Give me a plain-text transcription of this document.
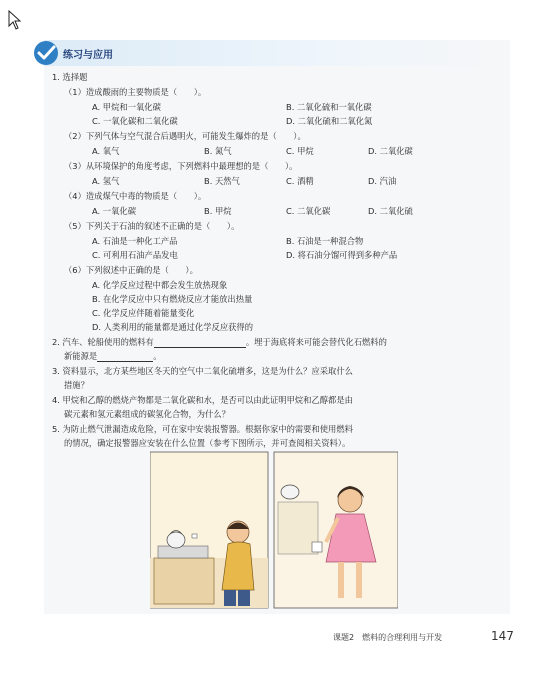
练习与应用
1. 选择题
（1）造成酸雨的主要物质是（　　）。
A. 甲烷和一氧化碳	B. 二氧化硫和一氧化碳
C. 一氧化碳和二氧化碳	D. 二氧化硫和二氧化氮
（2）下列气体与空气混合后遇明火，可能发生爆炸的是（　　）。
A. 氧气	B. 氮气	C. 甲烷	D. 二氧化碳
（3）从环境保护的角度考虑，下列燃料中最理想的是（　　）。
A. 氢气	B. 天然气	C. 酒精	D. 汽油
（4）造成煤气中毒的物质是（　　）。
A. 一氧化碳	B. 甲烷	C. 二氧化碳	D. 二氧化硫
（5）下列关于石油的叙述不正确的是（　　）。
A. 石油是一种化工产品	B. 石油是一种混合物
C. 可利用石油产品发电	D. 将石油分馏可得到多种产品
（6）下列叙述中正确的是（　　）。
A. 化学反应过程中都会发生放热现象
B. 在化学反应中只有燃烧反应才能放出热量
C. 化学反应伴随着能量变化
D. 人类利用的能量都是通过化学反应获得的
2. 汽车、轮船使用的燃料有	。埋于海底将来可能会替代化石燃料的
新能源是	。
3. 资料显示，北方某些地区冬天的空气中二氧化硫增多，这是为什么？应采取什么
措施？
4. 甲烷和乙醇的燃烧产物都是二氧化碳和水，是否可以由此证明甲烷和乙醇都是由
碳元素和氢元素组成的碳氢化合物，为什么？
5. 为防止燃气泄漏造成危险，可在家中安装报警器。根据你家中的需要和使用燃料
的情况，确定报警器应安装在什么位置（参考下图所示，并可查阅相关资料）。
课题2　燃料的合理利用与开发	147
